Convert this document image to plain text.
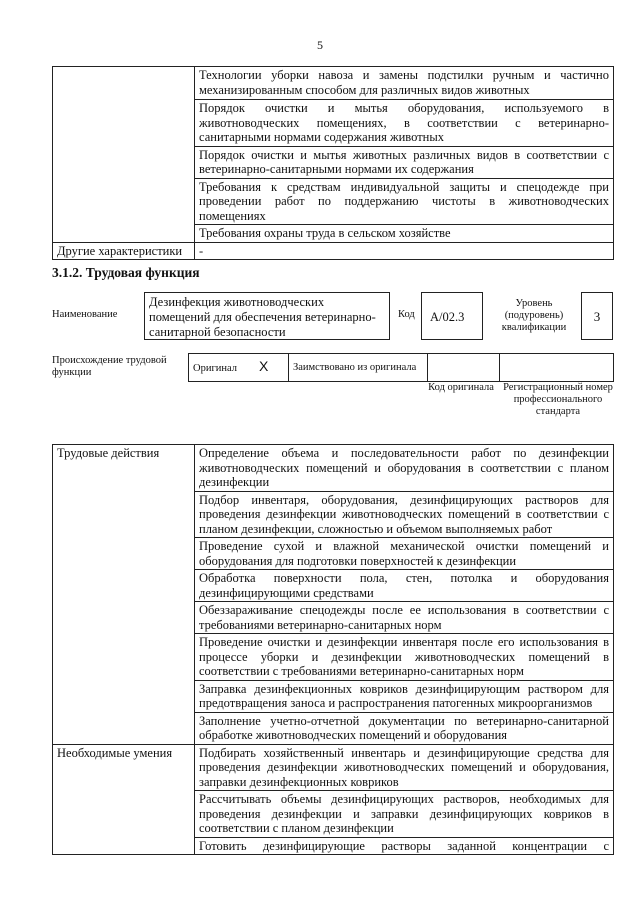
5
	Технологии уборки навоза и замены подстилки ручным и частично механизированным способом для различных видов животных
	Порядок очистки и мытья оборудования, используемого в животноводческих помещениях, в соответствии с ветеринарно-санитарными нормами содержания животных
	Порядок очистки и мытья животных различных видов в соответствии с ветеринарно-санитарными нормами их содержания
	Требования к средствам индивидуальной защиты и спецодежде при проведении работ по поддержанию чистоты в животноводческих помещениях
	Требования охраны труда в сельском хозяйстве
Другие характеристики	-
3.1.2. Трудовая функция
Наименование
Дезинфекция животноводческих помещений для обеспечения ветеринарно-санитарной безопасности
Код	A/02.3
Уровень (подуровень) квалификации
3
Происхождение трудовой функции	Оригинал X	Заимствовано из оригинала		
Код оригинала Регистрационный номер профессионального стандарта
Трудовые действия	Определение объема и последовательности работ по дезинфекции животноводческих помещений и оборудования в соответствии с планом дезинфекции
	Подбор инвентаря, оборудования, дезинфицирующих растворов для проведения дезинфекции животноводческих помещений в соответствии с планом дезинфекции, сложностью и объемом выполняемых работ
	Проведение сухой и влажной механической очистки помещений и оборудования для подготовки поверхностей к дезинфекции
	Обработка поверхности пола, стен, потолка и оборудования дезинфицирующими средствами
	Обеззараживание спецодежды после ее использования в соответствии с требованиями ветеринарно-санитарных норм
	Проведение очистки и дезинфекции инвентаря после его использования в процессе уборки и дезинфекции животноводческих помещений в соответствии с требованиями ветеринарно-санитарных норм
	Заправка дезинфекционных ковриков дезинфицирующим раствором для предотвращения заноса и распространения патогенных микроорганизмов
	Заполнение учетно-отчетной документации по ветеринарно-санитарной обработке животноводческих помещений и оборудования
Необходимые умения	Подбирать хозяйственный инвентарь и дезинфицирующие средства для проведения дезинфекции животноводческих помещений и оборудования, заправки дезинфекционных ковриков
	Рассчитывать объемы дезинфицирующих растворов, необходимых для проведения дезинфекции и заправки дезинфицирующих ковриков в соответствии с планом дезинфекции
	Готовить дезинфицирующие растворы заданной концентрации с
